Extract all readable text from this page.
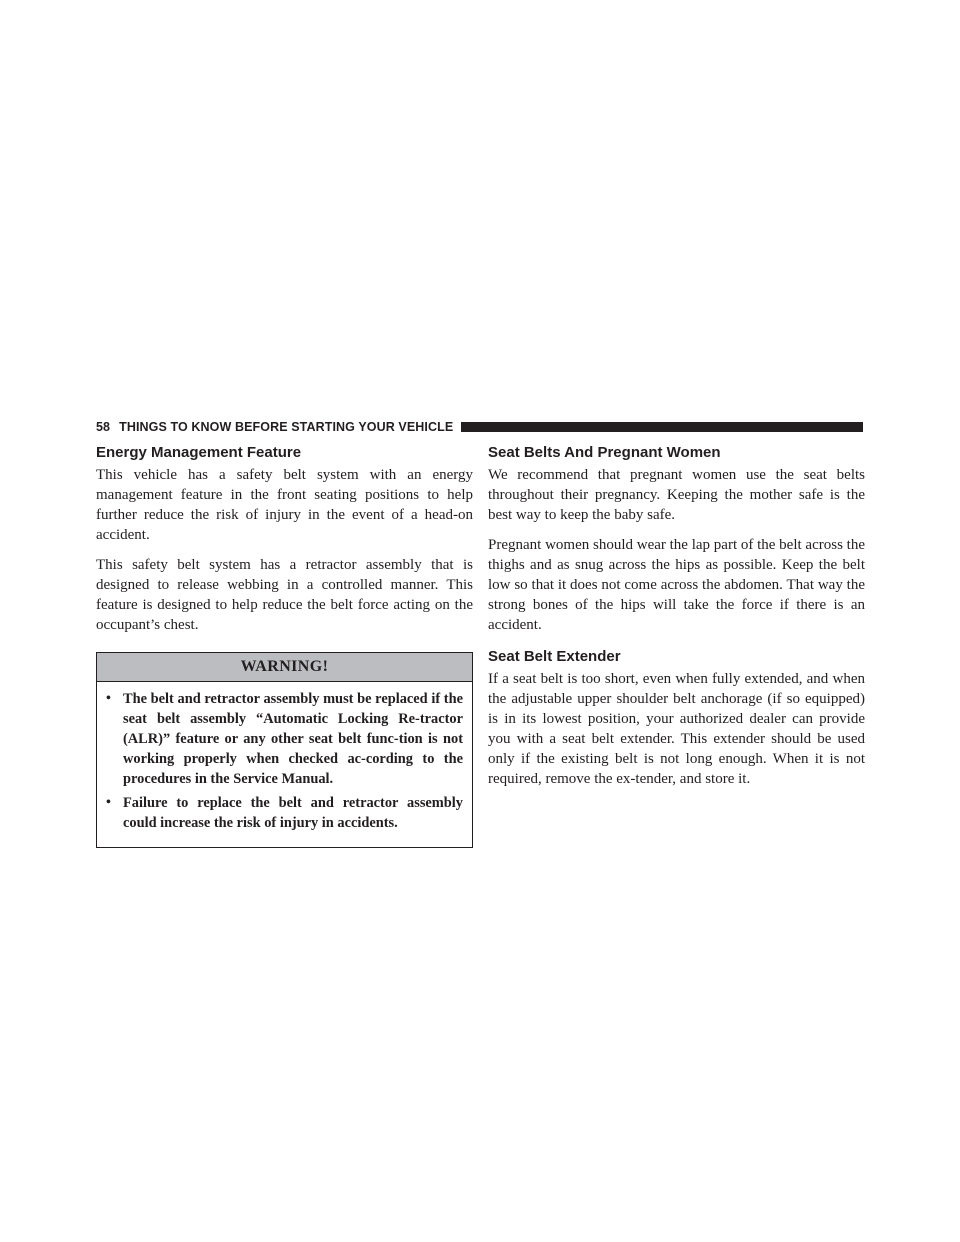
58 THINGS TO KNOW BEFORE STARTING YOUR VEHICLE
Energy Management Feature

This vehicle has a safety belt system with an energy management feature in the front seating positions to help further reduce the risk of injury in the event of a head-on accident.

This safety belt system has a retractor assembly that is designed to release webbing in a controlled manner. This feature is designed to help reduce the belt force acting on the occupant’s chest.

WARNING!
• The belt and retractor assembly must be replaced if the seat belt assembly “Automatic Locking Re-tractor (ALR)” feature or any other seat belt func-tion is not working properly when checked ac-cording to the procedures in the Service Manual.
• Failure to replace the belt and retractor assembly could increase the risk of injury in accidents.
Seat Belts And Pregnant Women

We recommend that pregnant women use the seat belts throughout their pregnancy. Keeping the mother safe is the best way to keep the baby safe.

Pregnant women should wear the lap part of the belt across the thighs and as snug across the hips as possible. Keep the belt low so that it does not come across the abdomen. That way the strong bones of the hips will take the force if there is an accident.

Seat Belt Extender

If a seat belt is too short, even when fully extended, and when the adjustable upper shoulder belt anchorage (if so equipped) is in its lowest position, your authorized dealer can provide you with a seat belt extender. This extender should be used only if the existing belt is not long enough. When it is not required, remove the ex-tender, and store it.
